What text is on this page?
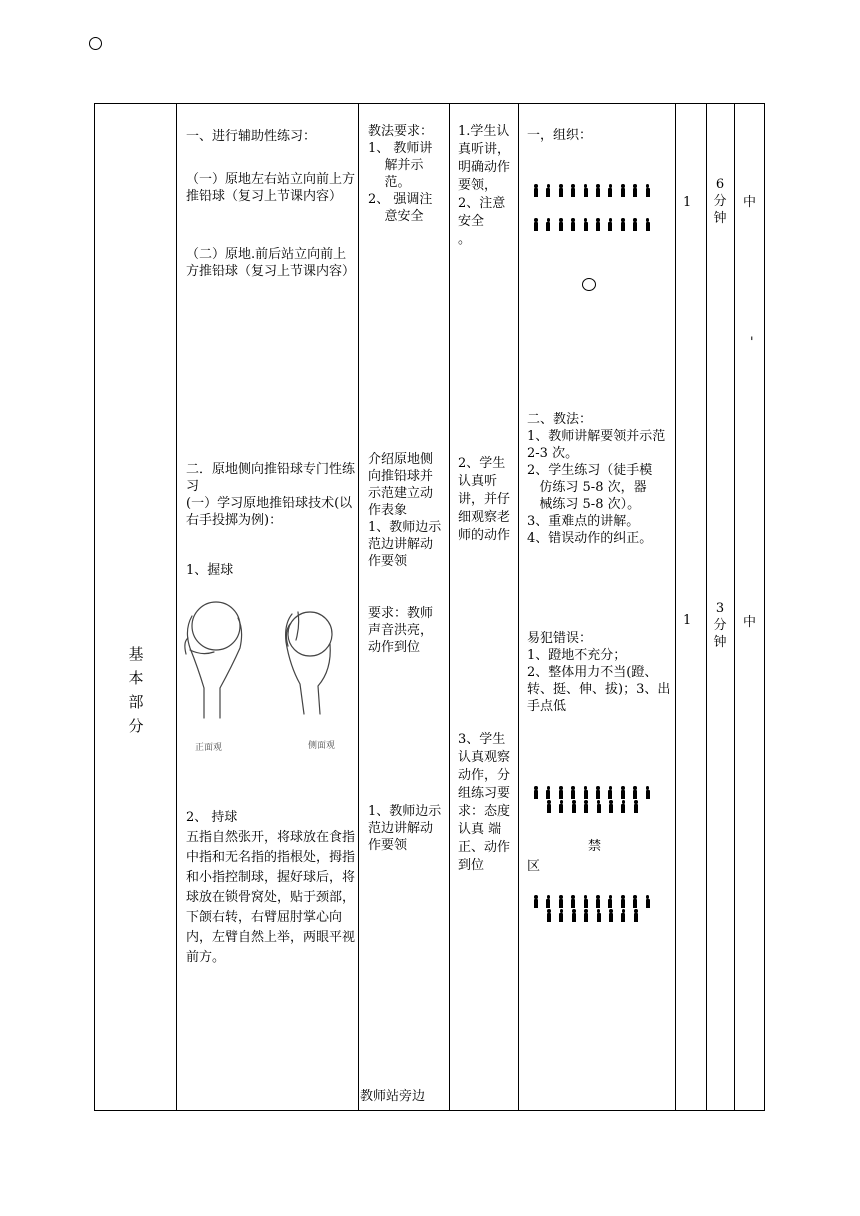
基
本
部
分
一、进行辅助性练习：
（一）原地左右站立向前上方推铅球（复习上节课内容）
（二）原地.前后站立向前上方推铅球（复习上节课内容）
二．原地侧向推铅球专门性练习
(一）学习原地推铅球技术(以右手投掷为例)：
1、握球
正面观	侧面观
2、 持球
五指自然张开，将球放在食指中指和无名指的指根处，拇指和小指控制球，握好球后，将球放在锁骨窝处，贴于颈部，下颌右转，右臂屈肘掌心向内，左臂自然上举，两眼平视前方。
教法要求：
1、 教师讲
解并示
范。
2、 强调注
意安全
介绍原地侧向推铅球并示范建立动作表象
1、教师边示范边讲解动作要领
要求：教师声音洪亮，动作到位
1、教师边示范边讲解动作要领
教师站旁边
1.学生认真听讲，明确动作要领，
2、注意安全
。
2、学生认真听讲，并仔细观察老师的动作
3、学生认真观察 动作，分组练习要求：态度认真 端正、动作到位
一，组织：
二、教法：
1、教师讲解要领并示范 2-3 次。
2、学生练习（徒手模
仿练习 5-8 次，器
械练习 5-8 次）。
3、重难点的讲解。
4、错误动作的纠正。
易犯错误：
1、蹬地不充分；
2、整体用力不当(蹬、转、挺、伸、拔)；3、出手点低
禁
区
1
1
6
分
钟
3
分
钟
中
中
'
